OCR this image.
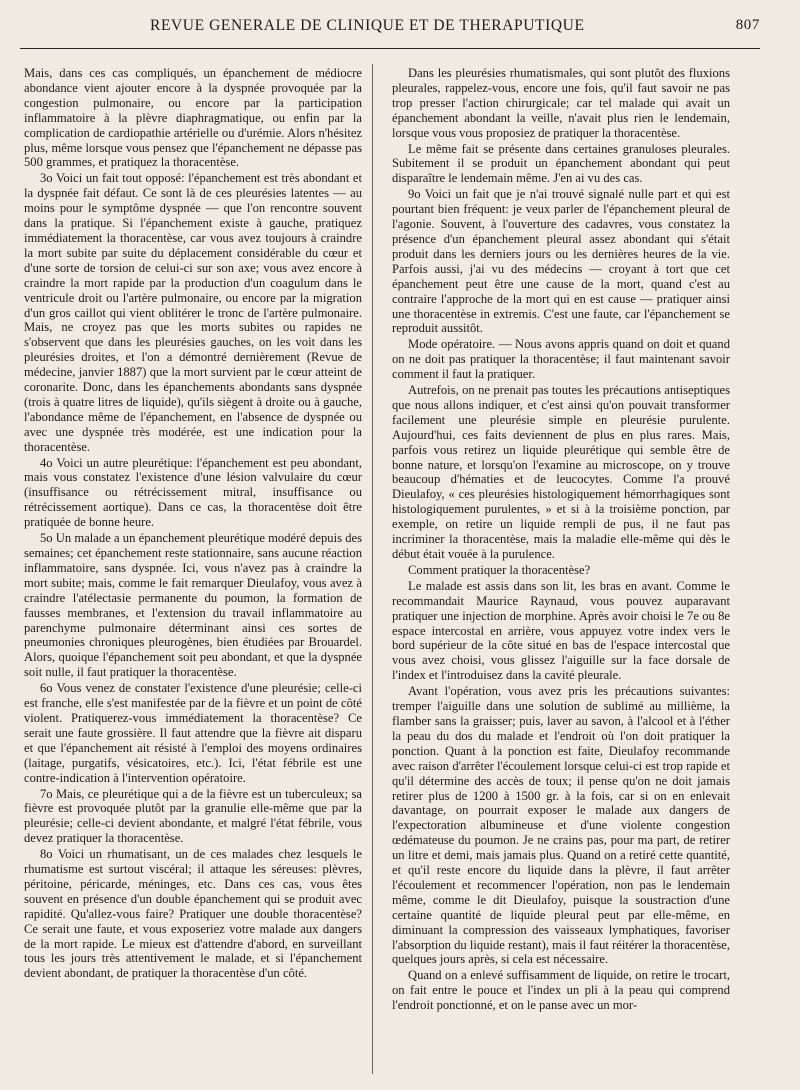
REVUE GENERALE DE CLINIQUE ET DE THERAPUTIQUE	807

Mais, dans ces cas compliqués, un épanchement de médiocre abondance vient ajouter encore à la dyspnée provoquée par la congestion pulmonaire, ou encore par la participation inflammatoire à la plèvre diaphragmatique, ou enfin par la complication de cardiopathie artérielle ou d'urémie. Alors n'hésitez plus, même lorsque vous pensez que l'épanchement ne dépasse pas 500 grammes, et pratiquez la thoracentèse.

3o Voici un fait tout opposé: l'épanchement est très abondant et la dyspnée fait défaut. Ce sont là de ces pleurésies latentes — au moins pour le symptôme dyspnée — que l'on rencontre souvent dans la pratique. Si l'épanchement existe à gauche, pratiquez immédiatement la thoracentèse, car vous avez toujours à craindre la mort subite par suite du déplacement considérable du cœur et d'une sorte de torsion de celui-ci sur son axe; vous avez encore à craindre la mort rapide par la production d'un coagulum dans le ventricule droit ou l'artère pulmonaire, ou encore par la migration d'un gros caillot qui vient oblitérer le tronc de l'artère pulmonaire. Mais, ne croyez pas que les morts subites ou rapides ne s'observent que dans les pleurésies gauches, on les voit dans les pleurésies droites, et l'on a démontré dernièrement (Revue de médecine, janvier 1887) que la mort survient par le cœur atteint de coronarite. Donc, dans les épanchements abondants sans dyspnée (trois à quatre litres de liquide), qu'ils siègent à droite ou à gauche, l'abondance même de l'épanchement, en l'absence de dyspnée ou avec une dyspnée très modérée, est une indication pour la thoracentèse.

4o Voici un autre pleurétique: l'épanchement est peu abondant, mais vous constatez l'existence d'une lésion valvulaire du cœur (insuffisance ou rétrécissement mitral, insuffisance ou rétrécissement aortique). Dans ce cas, la thoracentèse doit être pratiquée de bonne heure.

5o Un malade a un épanchement pleurétique modéré depuis des semaines; cet épanchement reste stationnaire, sans aucune réaction inflammatoire, sans dyspnée. Ici, vous n'avez pas à craindre la mort subite; mais, comme le fait remarquer Dieulafoy, vous avez à craindre l'atélectasie permanente du poumon, la formation de fausses membranes, et l'extension du travail inflammatoire au parenchyme pulmonaire déterminant ainsi ces sortes de pneumonies chroniques pleurogènes, bien étudiées par Brouardel. Alors, quoique l'épanchement soit peu abondant, et que la dyspnée soit nulle, il faut pratiquer la thoracentèse.

6o Vous venez de constater l'existence d'une pleurésie; celle-ci est franche, elle s'est manifestée par de la fièvre et un point de côté violent. Pratiquerez-vous immédiatement la thoracentèse? Ce serait une faute grossière. Il faut attendre que la fièvre ait disparu et que l'épanchement ait résisté à l'emploi des moyens ordinaires (laitage, purgatifs, vésicatoires, etc.). Ici, l'état fébrile est une contre-indication à l'intervention opératoire.

7o Mais, ce pleurétique qui a de la fièvre est un tuberculeux; sa fièvre est provoquée plutôt par la granulie elle-même que par la pleurésie; celle-ci devient abondante, et malgré l'état fébrile, vous devez pratiquer la thoracentèse.

8o Voici un rhumatisant, un de ces malades chez lesquels le rhumatisme est surtout viscéral; il attaque les séreuses: plèvres, péritoine, péricarde, méninges, etc. Dans ces cas, vous êtes souvent en présence d'un double épanchement qui se produit avec rapidité. Qu'allez-vous faire? Pratiquer une double thoracentèse? Ce serait une faute, et vous exposeriez votre malade aux dangers de la mort rapide. Le mieux est d'attendre d'abord, en surveillant tous les jours très attentivement le malade, et si l'épanchement devient abondant, de pratiquer la thoracentèse d'un côté.

Dans les pleurésies rhumatismales, qui sont plutôt des fluxions pleurales, rappelez-vous, encore une fois, qu'il faut savoir ne pas trop presser l'action chirurgicale; car tel malade qui avait un épanchement abondant la veille, n'avait plus rien le lendemain, lorsque vous vous proposiez de pratiquer la thoracentèse.

Le même fait se présente dans certaines granuloses pleurales. Subitement il se produit un épanchement abondant qui peut disparaître le lendemain même. J'en ai vu des cas.

9o Voici un fait que je n'ai trouvé signalé nulle part et qui est pourtant bien fréquent: je veux parler de l'épanchement pleural de l'agonie. Souvent, à l'ouverture des cadavres, vous constatez la présence d'un épanchement pleural assez abondant qui s'était produit dans les derniers jours ou les dernières heures de la vie. Parfois aussi, j'ai vu des médecins — croyant à tort que cet épanchement peut être une cause de la mort, quand c'est au contraire l'approche de la mort qui en est cause — pratiquer ainsi une thoracentèse in extremis. C'est une faute, car l'épanchement se reproduit aussitôt.

Mode opératoire. — Nous avons appris quand on doit et quand on ne doit pas pratiquer la thoracentèse; il faut maintenant savoir comment il faut la pratiquer.

Autrefois, on ne prenait pas toutes les précautions antiseptiques que nous allons indiquer, et c'est ainsi qu'on pouvait transformer facilement une pleurésie simple en pleurésie purulente. Aujourd'hui, ces faits deviennent de plus en plus rares. Mais, parfois vous retirez un liquide pleurétique qui semble être de bonne nature, et lorsqu'on l'examine au microscope, on y trouve beaucoup d'hématies et de leucocytes. Comme l'a prouvé Dieulafoy, « ces pleurésies histologiquement hémorrhagiques sont histologiquement purulentes, » et si à la troisième ponction, par exemple, on retire un liquide rempli de pus, il ne faut pas incriminer la thoracentèse, mais la maladie elle-même qui dès le début était vouée à la purulence.

Comment pratiquer la thoracentèse?

Le malade est assis dans son lit, les bras en avant. Comme le recommandait Maurice Raynaud, vous pouvez auparavant pratiquer une injection de morphine. Après avoir choisi le 7e ou 8e espace intercostal en arrière, vous appuyez votre index vers le bord supérieur de la côte situé en bas de l'espace intercostal que vous avez choisi, vous glissez l'aiguille sur la face dorsale de l'index et l'introduisez dans la cavité pleurale.

Avant l'opération, vous avez pris les précautions suivantes: tremper l'aiguille dans une solution de sublimé au millième, la flamber sans la graisser; puis, laver au savon, à l'alcool et à l'éther la peau du dos du malade et l'endroit où l'on doit pratiquer la ponction. Quant à la ponction est faite, Dieulafoy recommande avec raison d'arrêter l'écoulement lorsque celui-ci est trop rapide et qu'il détermine des accès de toux; il pense qu'on ne doit jamais retirer plus de 1200 à 1500 gr. à la fois, car si on en enlevait davantage, on pourrait exposer le malade aux dangers de l'expectoration albumineuse et d'une violente congestion œdémateuse du poumon. Je ne crains pas, pour ma part, de retirer un litre et demi, mais jamais plus. Quand on a retiré cette quantité, et qu'il reste encore du liquide dans la plèvre, il faut arrêter l'écoulement et recommencer l'opération, non pas le lendemain même, comme le dit Dieulafoy, puisque la soustraction d'une certaine quantité de liquide pleural peut par elle-même, en diminuant la compression des vaisseaux lymphatiques, favoriser l'absorption du liquide restant), mais il faut réitérer la thoracentèse, quelques jours après, si cela est nécessaire.

Quand on a enlevé suffisamment de liquide, on retire le trocart, on fait entre le pouce et l'index un pli à la peau qui comprend l'endroit ponctionné, et on le panse avec un mor-
